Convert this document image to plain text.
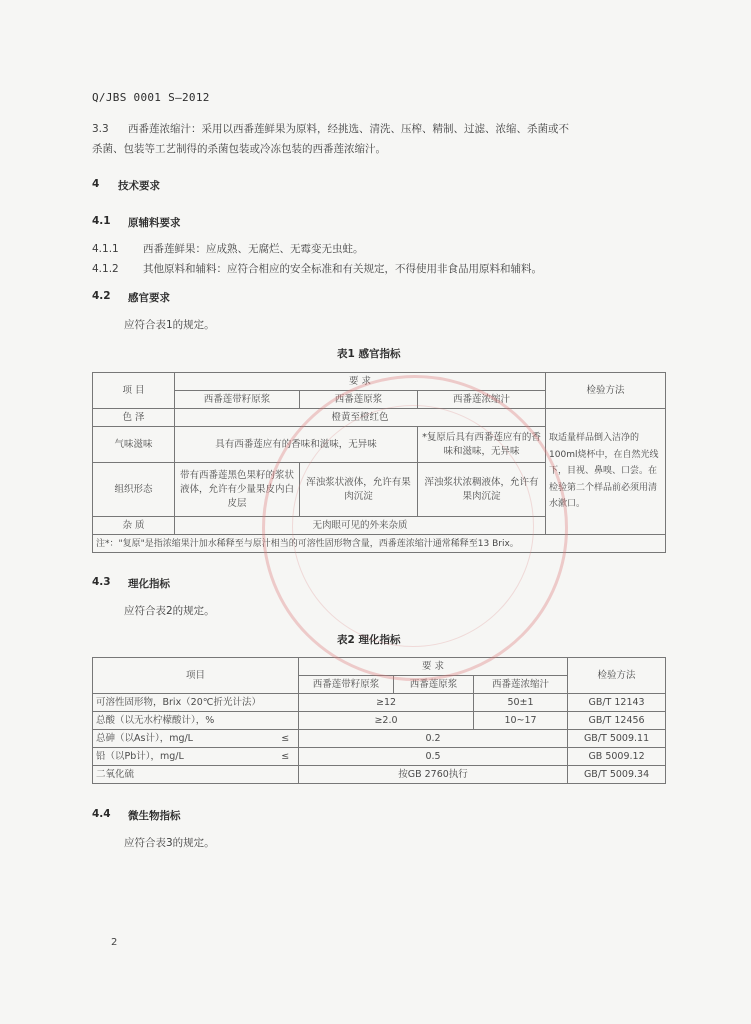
Q/JBS 0001 S—2012
3.3 西番莲浓缩汁：采用以西番莲鲜果为原料，经挑选、清洗、压榨、精制、过滤、浓缩、杀菌或不
杀菌、包装等工艺制得的杀菌包装或冷冻包装的西番莲浓缩汁。
4 技术要求
4.1 原辅料要求
4.1.1 西番莲鲜果：应成熟、无腐烂、无霉变无虫蛀。
4.1.2 其他原料和辅料：应符合相应的安全标准和有关规定，不得使用非食品用原料和辅料。
4.2 感官要求
应符合表1的规定。
表1 感官指标
项 目	要 求			检验方法
	西番莲带籽原浆	西番莲原浆	西番莲浓缩汁	
色 泽	橙黄至橙红色			取适量样品倒入洁净的100ml烧杯中，在自然光线下，目视、鼻嗅、口尝。在检验第二个样品前必须用清水漱口。
气味滋味	具有西番莲应有的香味和滋味，无异味		*复原后具有西番莲应有的香味和滋味，无异味	
组织形态	带有西番莲黑色果籽的浆状液体，允许有少量果皮内白皮层	浑浊浆状液体，允许有果肉沉淀	浑浊浆状浓稠液体，允许有果肉沉淀	
杂 质	无肉眼可见的外来杂质			
注*："复原"是指浓缩果汁加水稀释至与原汁相当的可溶性固形物含量，西番莲浓缩汁通常稀释至13 Brix。				
4.3 理化指标
应符合表2的规定。
表2 理化指标
项目		要 求			检验方法
		西番莲带籽原浆	西番莲原浆	西番莲浓缩汁	
可溶性固形物，Brix（20℃折光计法）		≥12		50±1	GB/T 12143
总酸（以无水柠檬酸计），%		≥2.0		10~17	GB/T 12456
总砷（以As计），mg/L	≤	0.2			GB/T 5009.11
铅（以Pb计），mg/L	≤	0.5			GB 5009.12
二氧化硫		按GB 2760执行			GB/T 5009.34
4.4 微生物指标
应符合表3的规定。
2
